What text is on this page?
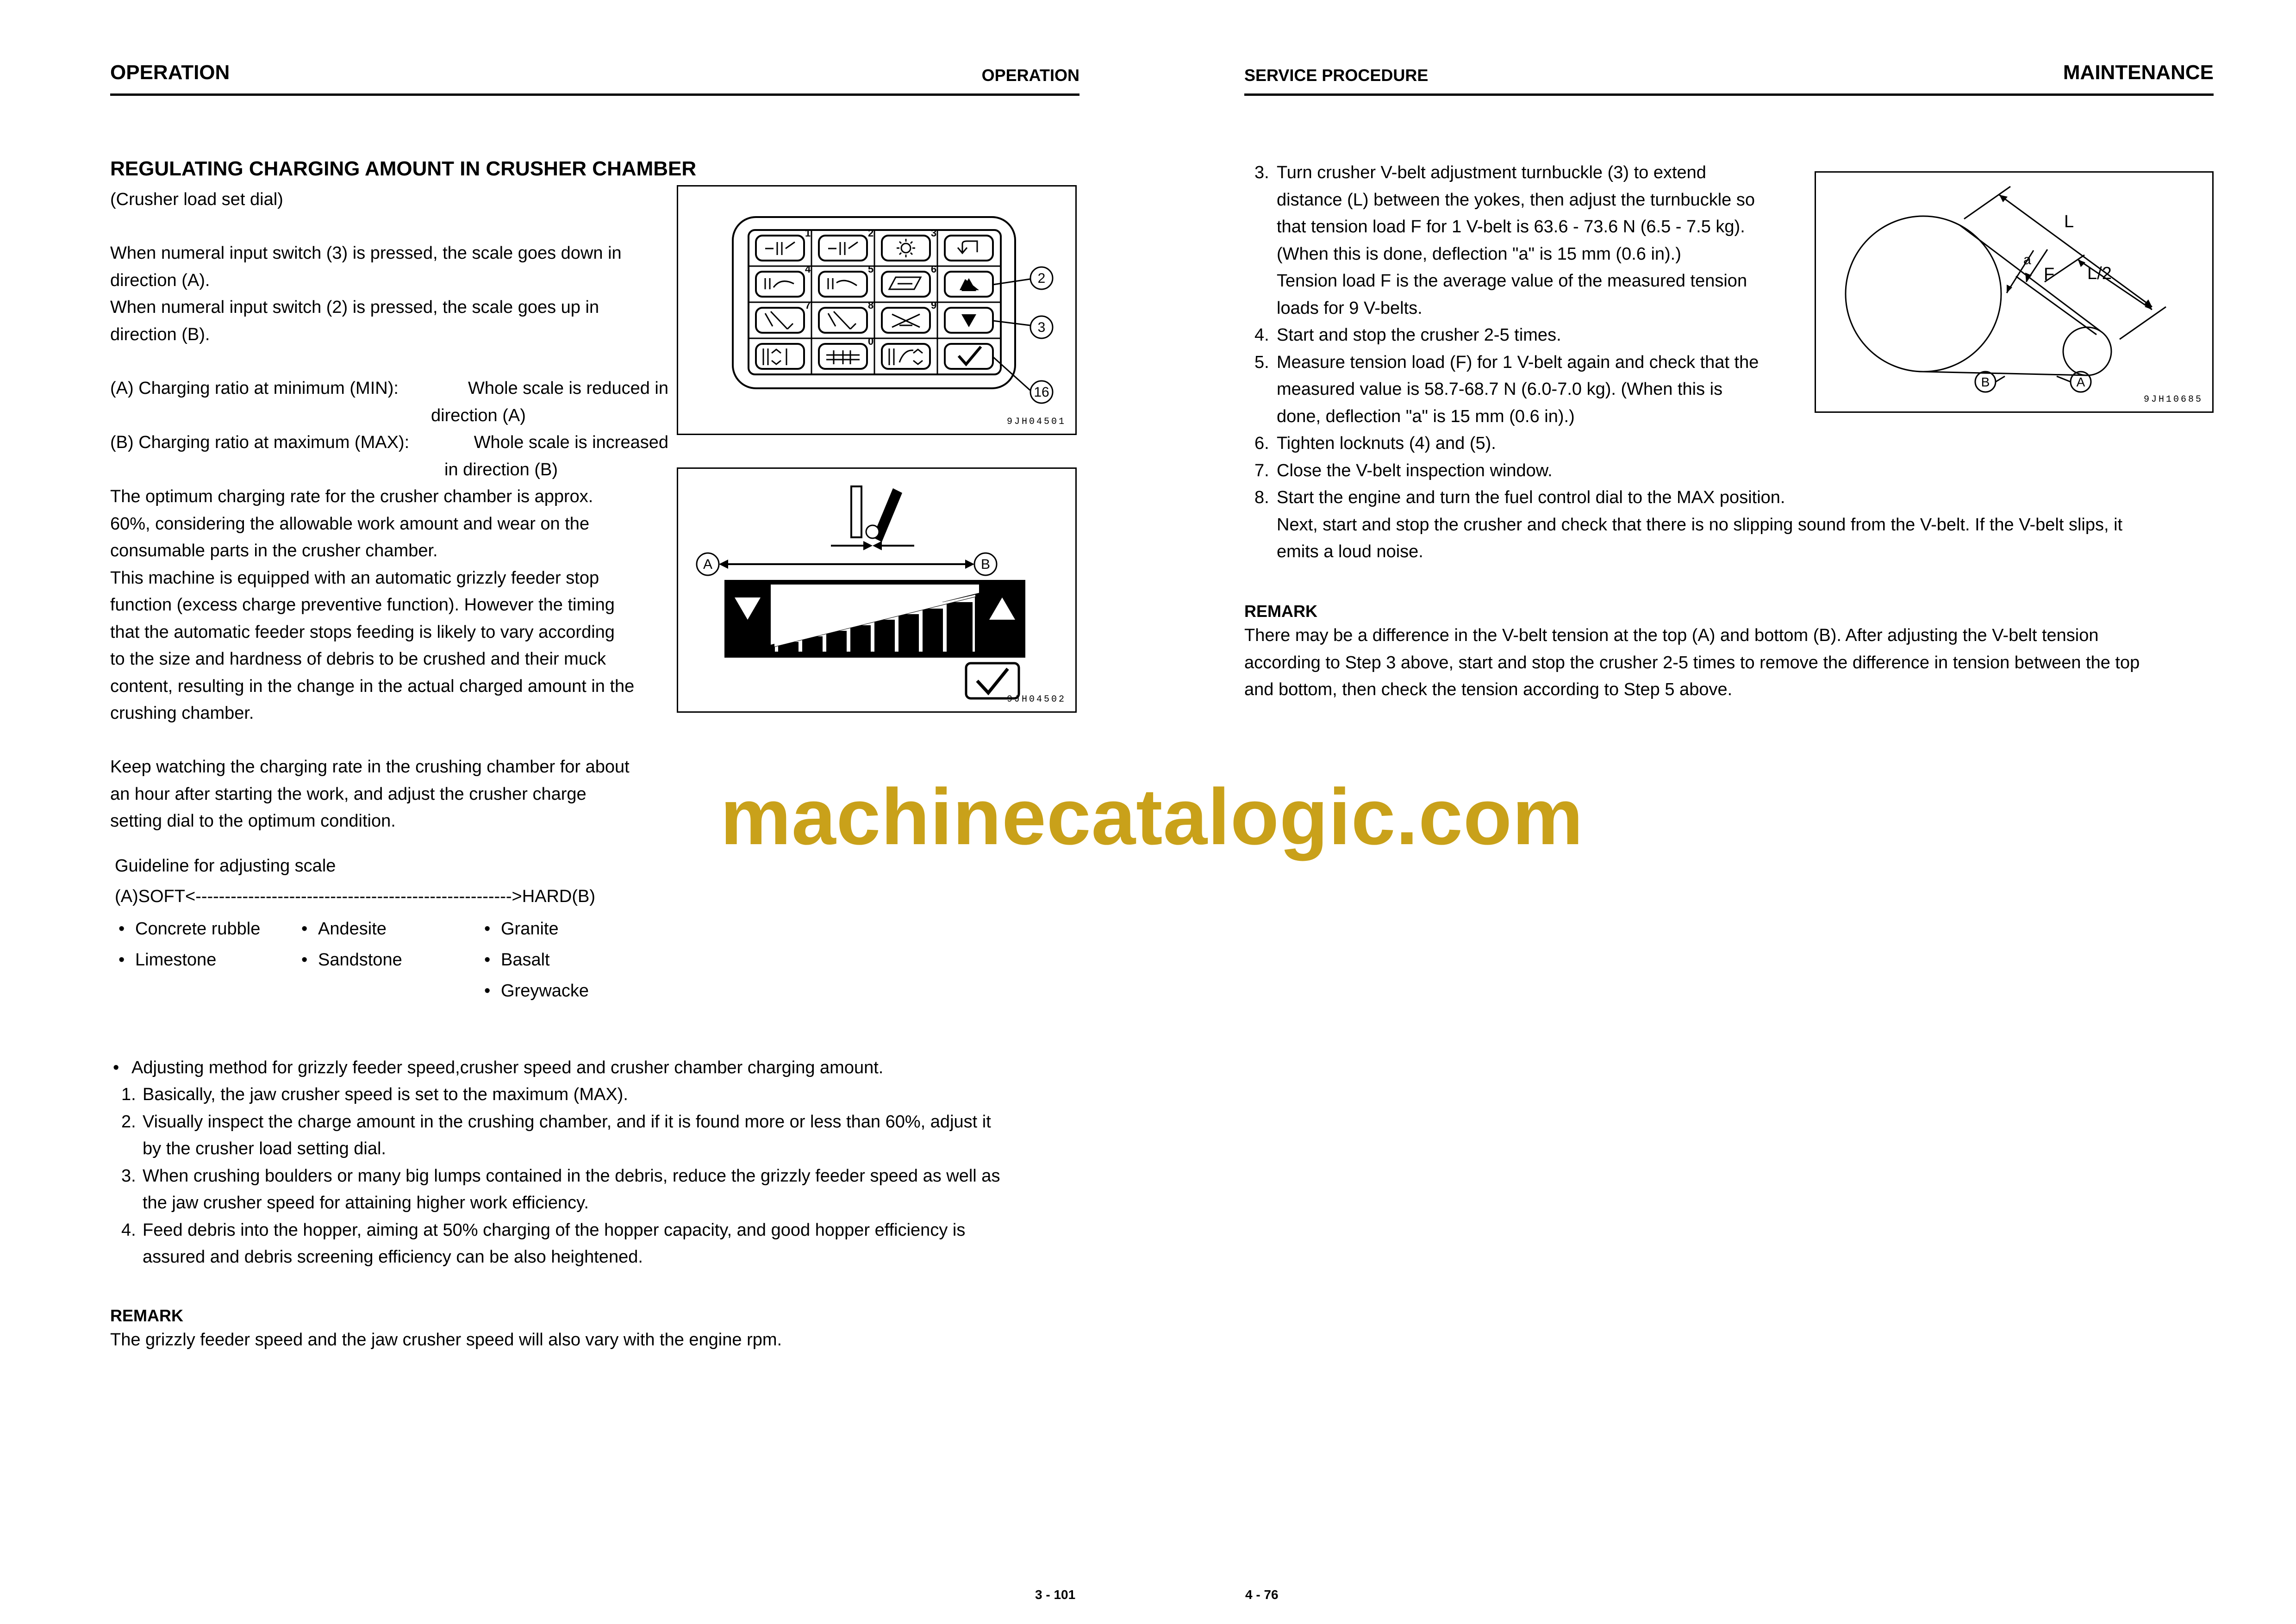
OPERATION	OPERATION
REGULATING CHARGING AMOUNT IN CRUSHER CHAMBER
(Crusher load set dial)
When numeral input switch (3) is pressed, the scale goes down in
direction (A).
When numeral input switch (2) is pressed, the scale goes up in
direction (B).
(A) Charging ratio at minimum (MIN):	Whole scale is reduced in
direction (A)
(B) Charging ratio at maximum (MAX):	Whole scale is increased
in direction (B)
The optimum charging rate for the crusher chamber is approx.
60%, considering the allowable work amount and wear on the
consumable parts in the crusher chamber.
This machine is equipped with an automatic grizzly feeder stop
function (excess charge preventive function). However the timing
that the automatic feeder stops feeding is likely to vary according
to the size and hardness of debris to be crushed and their muck
content, resulting in the change in the actual charged amount in the
crushing chamber.
Keep watching the charging rate in the crushing chamber for about
an hour after starting the work, and adjust the crusher charge
setting dial to the optimum condition.
Guideline for adjusting scale
(A)SOFT<------------------------------------------------------>HARD(B)
• Concrete rubble	• Andesite	• Granite
• Limestone	• Sandstone	• Basalt
• Greywacke
• Adjusting method for grizzly feeder speed,crusher speed and crusher chamber charging amount.
1. Basically, the jaw crusher speed is set to the maximum (MAX).
2. Visually inspect the charge amount in the crushing chamber, and if it is found more or less than 60%, adjust it
by the crusher load setting dial.
3. When crushing boulders or many big lumps contained in the debris, reduce the grizzly feeder speed as well as
the jaw crusher speed for attaining higher work efficiency.
4. Feed debris into the hopper, aiming at 50% charging of the hopper capacity, and good hopper efficiency is
assured and debris screening efficiency can be also heightened.
REMARK
The grizzly feeder speed and the jaw crusher speed will also vary with the engine rpm.
1	2	3
4	5	6
7	8	9
0
2
3
16
9JH04501
A	B
9JH04502
3 - 101
SERVICE PROCEDURE	MAINTENANCE
3. Turn crusher V-belt adjustment turnbuckle (3) to extend
distance (L) between the yokes, then adjust the turnbuckle so
that tension load F for 1 V-belt is 63.6 - 73.6 N (6.5 - 7.5 kg).
(When this is done, deflection "a" is 15 mm (0.6 in).)
Tension load F is the average value of the measured tension
loads for 9 V-belts.
4. Start and stop the crusher 2-5 times.
5. Measure tension load (F) for 1 V-belt again and check that the
measured value is 58.7-68.7 N (6.0-7.0 kg). (When this is
done, deflection "a" is 15 mm (0.6 in).)
6. Tighten locknuts (4) and (5).
7. Close the V-belt inspection window.
8. Start the engine and turn the fuel control dial to the MAX position.
Next, start and stop the crusher and check that there is no slipping sound from the V-belt. If the V-belt slips, it
emits a loud noise.
REMARK
There may be a difference in the V-belt tension at the top (A) and bottom (B). After adjusting the V-belt tension
according to Step 3 above, start and stop the crusher 2-5 times to remove the difference in tension between the top
and bottom, then check the tension according to Step 5 above.
L
L/2
a
F
B	A
9JH10685
4 - 76
machinecatalogic.com
